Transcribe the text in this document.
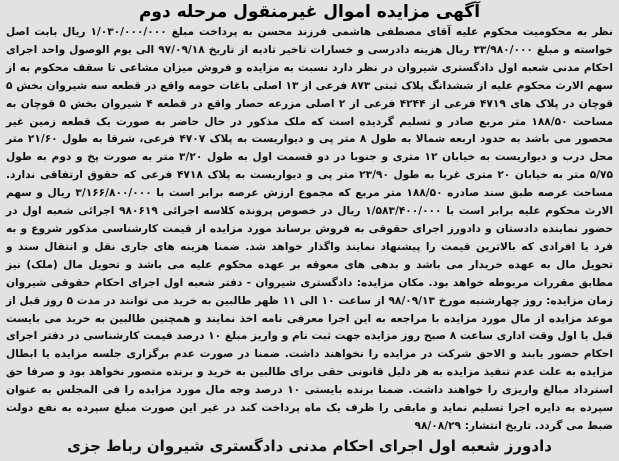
آگهی مزایده اموال غیرمنقول مرحله دوم
نظر به محکومیت محکوم علیه آقای مصطفی هاشمی فرزند محسن به پرداخت مبلغ ۱/۰۳۰/۰۰۰/۰۰۰ ریال بابت اصل خواسته و مبلغ ۳۳/۹۸۰/۰۰۰ ریال هزینه دادرسی و خسارات تاخیر تادیه از تاریخ ۹۷/۰۹/۱۸ الی یوم الوصول واحد اجرای احکام مدنی شعبه اول دادگستری شیروان در نظر دارد نسبت به مزایده و فروش میزان مشاعی تا سقف محکوم به از سهم الارث محکوم علیه از ششدانگ پلاک ثبتی ۸۷۳ فرعی از ۱۳ اصلی باغات حومه واقع در قطعه سه شیروان بخش ۵ قوچان در پلاک های ۴۷۱۹ فرعی از ۴۲۴۴ فرعی از ۲ اصلی مزرعه حصار واقع در قطعه ۴ شیروان بخش ۵ قوچان به مساحت ۱۸۸/۵۰ متر مربع صادر و تسلیم گردیده است که ملک مذکور در حال حاضر به صورت یک قطعه زمین غیر محصور می باشد به حدود اربعه شمالا به طول ۸ متر پی و دیواریست به پلاک ۴۷۰۷ فرعی، شرقا به طول ۲۱/۶۰ متر محل درب و دیواریست به خیابان ۱۲ متری و جنوبا در دو قسمت اول به طول ۳/۲۰ متر به صورت پخ و دوم به طول ۵/۷۵ متر به خیابان ۲۰ متری غربا به طول ۲۳/۹۰ متر پی و دیواریست به پلاک ۴۷۱۸ فرعی که حقوق ارتفاقی ندارد. مساحت عرصه طبق سند صادره ۱۸۸/۵۰ متر مربع که مجموع ارزش عرصه برابر است با ۳/۱۶۶/۸۰۰/۰۰۰ ریال و سهم الارث محکوم علیه برابر است با ۱/۵۸۳/۴۰۰/۰۰۰ ریال در خصوص پرونده کلاسه اجرائی ۹۸۰۶۱۹ اجرائی شعبه اول در حضور نماینده دادستان و دادورز اجرای حقوقی به فروش برساند مورد مزایده از قیمت کارشناسی مذکور شروع و به فرد یا افرادی که بالاترین قیمت را پیشنهاد نمایند واگذار خواهد شد. ضمنا هزینه های جاری نقل و انتقال سند و تحویل مال به عهده خریدار می باشد و بدهی های معوقه بر عهده محکوم علیه می باشد و تحویل مال (ملک) نیز مطابق مقررات مربوطه خواهد بود. مکان مزایده: دادگستری شیروان - دفتر شعبه اول اجرای احکام حقوقی شیروان زمان مزایده: روز چهارشنبه مورخ ۹۸/۰۹/۱۳ از ساعت ۱۰ الی ۱۱ ظهر طالبین به خرید می توانند در مدت ۵ روز قبل از موعد مزایده از مال مورد مزایده با مراجعه به این اجرا معرفی نامه اخذ نمایند و همچنین طالبین به خرید می بایست قبل یا اول وقت اداری ساعت ۸ صبح روز مزایده جهت ثبت نام و واریز مبلغ ۱۰ درصد قیمت کارشناسی در دفتر اجرای احکام حضور یابند و الاحق شرکت در مزایده را نخواهند داشت. ضمنا در صورت عدم برگزاری جلسه مزایده یا ابطال مزایده به علت عدم تنفیذ مزایده به هر دلیل قانونی حقی برای طالبین به خرید و برنده متصور نخواهد بود و صرفا حق استرداد مبالغ واریزی را خواهند داشت. ضمنا برنده بایستی ۱۰ درصد وجه مال مورد مزایده را فی المجلس به عنوان سپرده به دایره اجرا تسلیم نماید و مابقی را ظرف یک ماه پرداخت کند در غیر این صورت مبلغ سپرده به نفع دولت ضبط می گردد. تاریخ انتشار: ۹۸/۰۸/۲۹
دادورز شعبه اول اجرای احکام مدنی دادگستری شیروان رباط جزی
